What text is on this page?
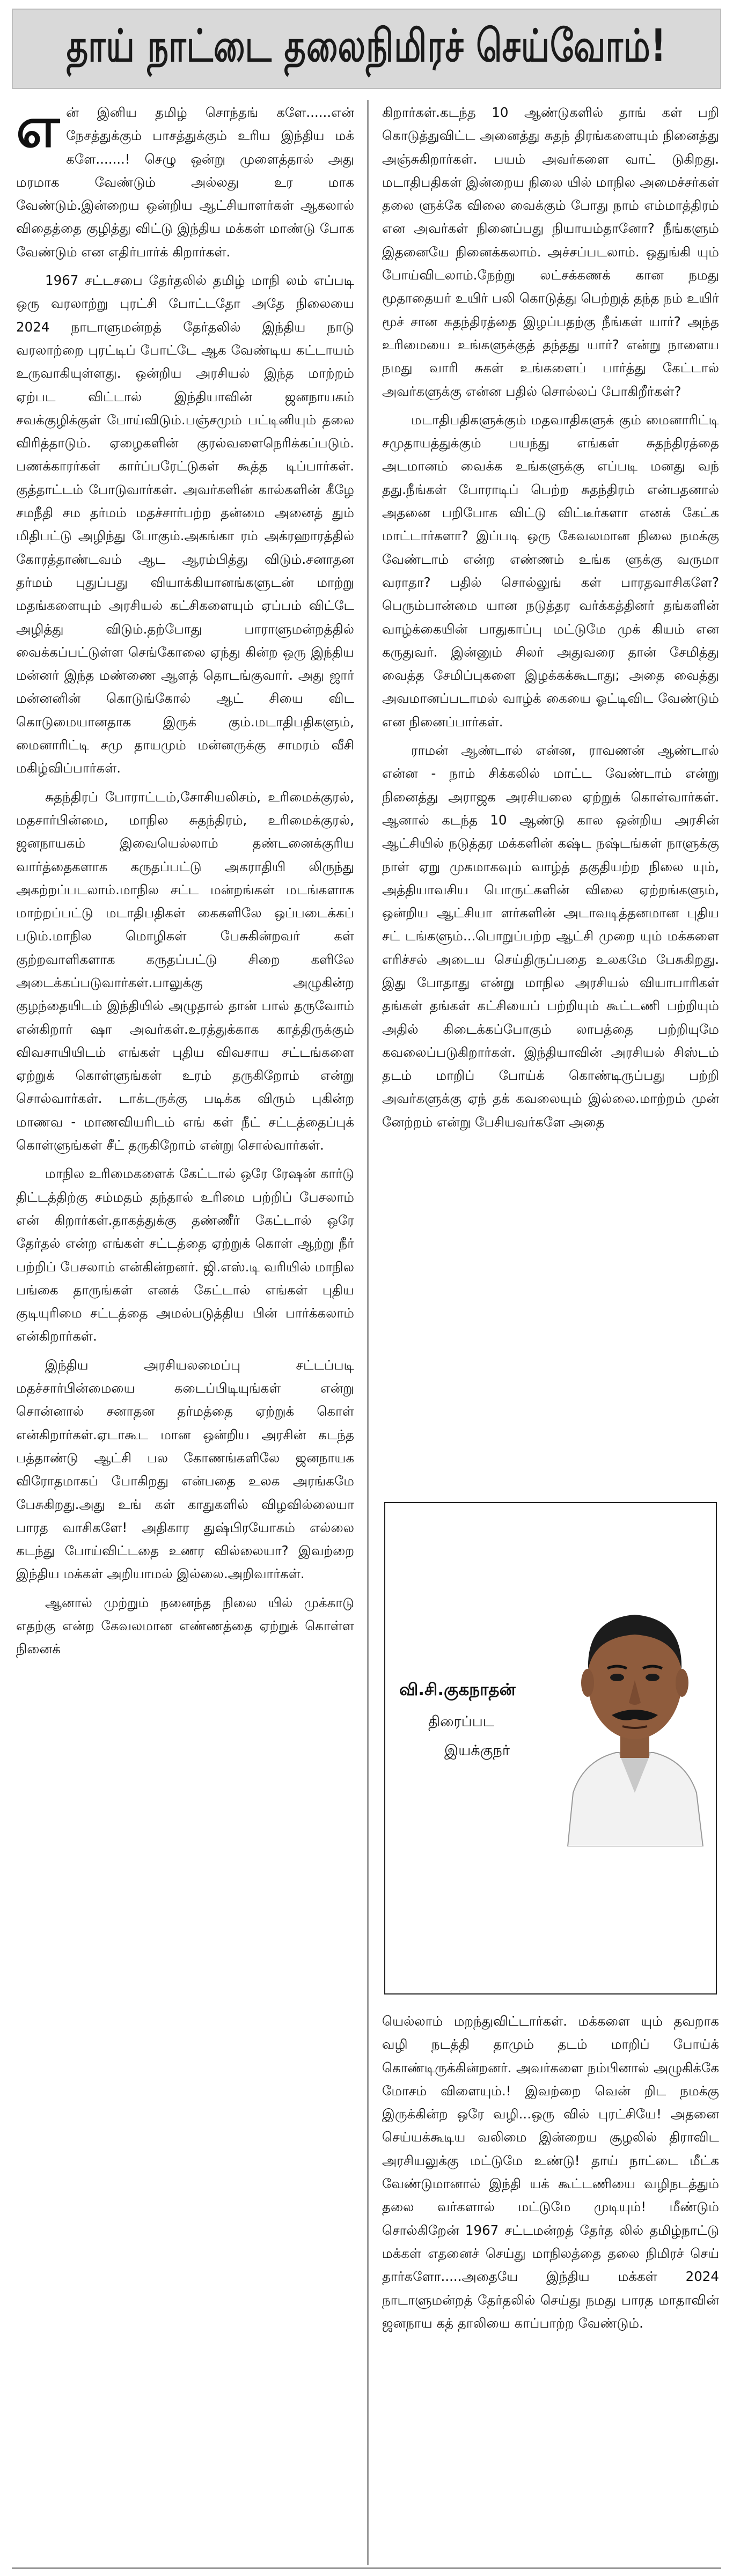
தாய் நாட்டை தலைநிமிரச் செய்வோம்!

என் இனிய தமிழ் சொந்தங் களே......என் நேசத்துக்கும் பாசத்துக்கும் உரிய இந்திய மக் களே.......! செழு ஒன்று முளைத்தால் அது மரமாக வேண்டும் அல்லது உர மாக வேண்டும்.இன்றைய ஒன்றிய ஆட்சியாளர்கள் ஆகலால் விதைத்தை குழித்து விட்டு இந்திய மக்கள் மாண்டு போக வேண்டும் என எதிர்பார்க் கிறார்கள்.

1967 சட்டசபை தேர்தலில் தமிழ் மாநி லம் எப்படி ஒரு வரலாற்று புரட்சி போட்டதோ அதே நிலையை 2024 நாடாளுமன்றத் தேர்தலில் இந்திய நாடு வரலாற்றை புரட்டிப் போட்டே ஆக வேண்டிய கட்டாயம் உருவாகியுள்ளது. ஒன்றிய அரசியல் இந்த மாற்றம் ஏற்பட விட்டால் இந்தியாவின் ஜனநாயகம் சவக்குழிக்குள் போய்விடும்.பஞ்சமும் பட்டினியும் தலை விரித்தாடும். ஏழைகளின் குரல்வளைநெரிக்கப்படும். பணக்காரர்கள் கார்ப்பரேட்டுகள் கூத்த டிப்பார்கள். குத்தாட்டம் போடுவார்கள். அவர்களின் கால்களின் கீழே சமநீதி சம தர்மம் மதச்சார்பற்ற தன்மை அனைத் தும் மிதிபட்டு அழிந்து போகும்.அகங்கா ரம் அக்ரஹாரத்தில் கோரத்தாண்டவம் ஆட ஆரம்பித்து விடும்.சனாதன தர்மம் புதுப்பது வியாக்கியானங்களுடன் மாற்று மதங்களையும் அரசியல் கட்சிகளையும் ஏப்பம் விட்டே அழித்து விடும்.தற்போது பாராளுமன்றத்தில் வைக்கப்பட்டுள்ள செங்கோலை ஏந்து கின்ற ஒரு இந்திய மன்னர் இந்த மண்ணை ஆளத் தொடங்குவார். அது ஜார் மன்னனின் கொடுங்கோல் ஆட் சியை விட கொடுமையானதாக இருக் கும்.மடாதிபதிகளும், மைனாரிட்டி சமு தாயமும் மன்னருக்கு சாமரம் வீசி மகிழ்விப்பார்கள்.

சுதந்திரப் போராட்டம்,சோசியலிசம், உரிமைக்குரல், மதசார்பின்மை, மாநில சுதந்திரம், உரிமைக்குரல், ஜனநாயகம் இவையெல்லாம் தண்டனைக்குரிய வார்த்தைகளாக கருதப்பட்டு அகராதியி லிருந்து அகற்றப்படலாம்.மாநில சட்ட மன்றங்கள் மடங்களாக மாற்றப்பட்டு மடாதிபதிகள் கைகளிலே ஒப்படைக்கப் படும்.மாநில மொழிகள் பேசுகின்றவர் கள் குற்றவாளிகளாக கருதப்பட்டு சிறை களிலே அடைக்கப்படுவார்கள்.பாலுக்கு அழுகின்ற குழந்தையிடம் இந்தியில் அழுதால் தான் பால் தருவோம் என்கிறார் ஷா அவர்கள்.உரத்துக்காக காத்திருக்கும் விவசாயியிடம் எங்கள் புதிய விவசாய சட்டங்களை ஏற்றுக் கொள்ளுங்கள் உரம் தருகிறோம் என்று சொல்வார்கள். டாக்டருக்கு படிக்க விரும் புகின்ற மாணவ - மாணவியரிடம் எங் கள் நீட் சட்டத்தைப்புக் கொள்ளுங்கள் சீட் தருகிறோம் என்று சொல்வார்கள்.

மாநில உரிமைகளைக் கேட்டால் ஒரே ரேஷன் கார்டு திட்டத்திற்கு சம்மதம் தந்தால் உரிமை பற்றிப் பேசலாம் என் கிறார்கள்.தாகத்துக்கு தண்ணீர் கேட்டால் ஒரே தேர்தல் என்ற எங்கள் சட்டத்தை ஏற்றுக் கொள் ஆற்று நீர் பற்றிப் பேசலாம் என்கின்றனர். ஜி.எஸ்.டி வரியில் மாநில பங்கை தாருங்கள் எனக் கேட்டால் எங்கள் புதிய குடியுரிமை சட்டத்தை அமல்படுத்திய பின் பார்க்கலாம் என்கிறார்கள்.

இந்திய அரசியலமைப்பு சட்டப்படி மதச்சார்பின்மையை கடைப்பிடியுங்கள் என்று சொன்னால் சனாதன தர்மத்தை ஏற்றுக் கொள் என்கிறார்கள்.ஏடாகூட மான ஒன்றிய அரசின் கடந்த பத்தாண்டு ஆட்சி பல கோணங்களிலே ஜனநாயக விரோதமாகப் போகிறது என்பதை உலக அரங்கமே பேசுகிறது.அது உங் கள் காதுகளில் விழவில்லையா பாரத வாசிகளே! அதிகார துஷ்பிரயோகம் எல்லை கடந்து போய்விட்டதை உணர வில்லையா? இவற்றை இந்திய மக்கள் அறியாமல் இல்லை.அறிவார்கள்.

ஆனால் முற்றும் நனைந்த நிலை யில் முக்காடு எதற்கு என்ற கேவலமான எண்ணத்தை ஏற்றுக் கொள்ள நினைக்

கிறார்கள்.கடந்த 10 ஆண்டுகளில் தாங் கள் பறி கொடுத்துவிட்ட அனைத்து சுதந் திரங்களையும் நினைத்து அஞ்சுகிறார்கள். பயம் அவர்களை வாட் டுகிறது. மடாதிபதிகள் இன்றைய நிலை யில் மாநில அமைச்சர்கள் தலை ளுக்கே விலை வைக்கும் போது நாம் எம்மாத்திரம் என அவர்கள் நினைப்பது நியாயம்தானோ? நீங்களும் இதனையே நினைக்கலாம். அச்சப்படலாம். ஒதுங்கி யும் போய்விடலாம்.நேற்று லட்சக்கணக் கான நமது மூதாதையர் உயிர் பலி கொடுத்து பெற்றுத் தந்த நம் உயிர் மூச் சான சுதந்திரத்தை இழப்பதற்கு நீங்கள் யார்? அந்த உரிமையை உங்களுக்குத் தந்தது யார்? என்று நாளைய நமது வாரி சுகள் உங்களைப் பார்த்து கேட்டால் அவர்களுக்கு என்ன பதில் சொல்லப் போகிறீர்கள்?

மடாதிபதிகளுக்கும் மதவாதிகளுக் கும் மைனாரிட்டி சமுதாயத்துக்கும் பயந்து எங்கள் சுதந்திரத்தை அடமானம் வைக்க உங்களுக்கு எப்படி மனது வந் தது.நீங்கள் போராடிப் பெற்ற சுதந்திரம் என்பதனால் அதனை பறிபோக விட்டு விட்டீர்களா எனக் கேட்க மாட்டார்களா? இப்படி ஒரு கேவலமான நிலை நமக்கு வேண்டாம் என்ற எண்ணம் உங்க ளுக்கு வருமா வராதா? பதில் சொல்லுங் கள் பாரதவாசிகளே? பெரும்பான்மை யான நடுத்தர வர்க்கத்தினர் தங்களின் வாழ்க்கையின் பாதுகாப்பு மட்டுமே முக் கியம் என கருதுவர். இன்னும் சிலர் அதுவரை தான் சேமித்து வைத்த சேமிப்புகளை இழக்கக்கூடாது; அதை வைத்து அவமானப்படாமல் வாழ்க் கையை ஓட்டிவிட வேண்டும் என நினைப்பார்கள்.

ராமன் ஆண்டால் என்ன, ராவணன் ஆண்டால் என்ன - நாம் சிக்கலில் மாட்ட வேண்டாம் என்று நினைத்து அராஜக அரசியலை ஏற்றுக் கொள்வார்கள். ஆனால் கடந்த 10 ஆண்டு கால ஒன்றிய அரசின் ஆட்சியில் நடுத்தர மக்களின் கஷ்ட நஷ்டங்கள் நாளுக்கு நாள் ஏறு முகமாகவும் வாழ்த் தகுதியற்ற நிலை யும், அத்தியாவசிய பொருட்களின் விலை ஏற்றங்களும், ஒன்றிய ஆட்சியா ளர்களின் அடாவடித்தனமான புதிய சட் டங்களும்...பொறுப்பற்ற ஆட்சி முறை யும் மக்களை எரிச்சல் அடைய செய்திருப்பதை உலகமே பேசுகிறது. இது போதாது என்று மாநில அரசியல் வியாபாரிகள் தங்கள் தங்கள் கட்சியைப் பற்றியும் கூட்டணி பற்றியும் அதில் கிடைக்கப்போகும் லாபத்தை பற்றியுமே கவலைப்படுகிறார்கள். இந்தியாவின் அரசியல் சிஸ்டம் தடம் மாறிப் போய்க் கொண்டிருப்பது பற்றி அவர்களுக்கு ஏந் தக் கவலையும் இல்லை.மாற்றம் முன் னேற்றம் என்று பேசியவர்களே அதை

வி.சி.குகநாதன்
திரைப்பட
இயக்குநர்

யெல்லாம் மறந்துவிட்டார்கள். மக்களை யும் தவறாக வழி நடத்தி தாமும் தடம் மாறிப் போய்க் கொண்டிருக்கின்றனர். அவர்களை நம்பினால் அழுகிக்கே மோசம் விளையும்.! இவற்றை வென் றிட நமக்கு இருக்கின்ற ஒரே வழி...ஒரு வில் புரட்சியே! அதனை செய்யக்கூடிய வலிமை இன்றைய சூழலில் திராவிட அரசியலுக்கு மட்டுமே உண்டு! தாய் நாட்டை மீட்க வேண்டுமானால் இந்தி யக் கூட்டணியை வழிநடத்தும் தலை வர்களால் மட்டுமே முடியும்! மீண்டும் சொல்கிறேன் 1967 சட்டமன்றத் தேர்த லில் தமிழ்நாட்டு மக்கள் எதனைச் செய்து மாநிலத்தை தலை நிமிரச் செய் தார்களோ.....அதையே இந்திய மக்கள் 2024 நாடாளுமன்றத் தேர்தலில் செய்து நமது பாரத மாதாவின் ஜனநாய கத் தாலியை காப்பாற்ற வேண்டும்.
